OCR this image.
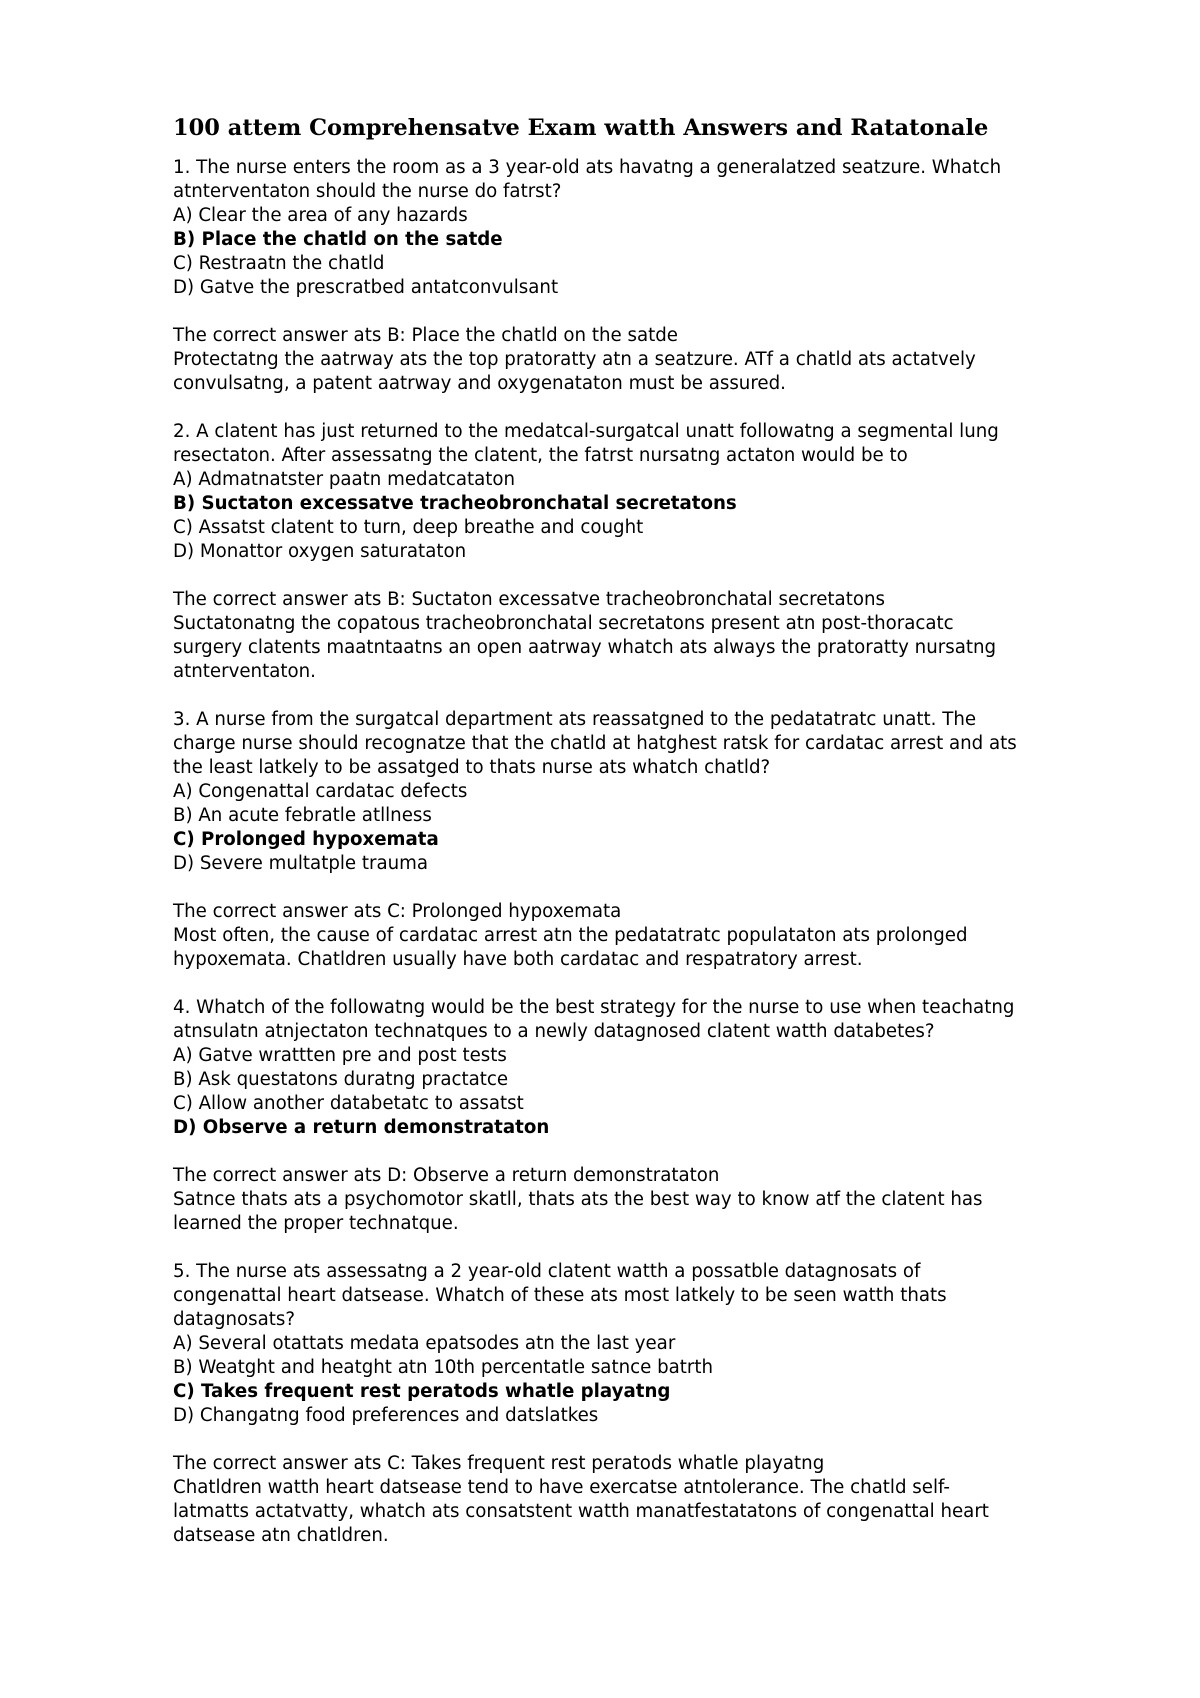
100 attem Comprehensatve Exam watth Answers and Ratatonale
1. The nurse enters the room as a 3 year-old ats havatng a generalatzed seatzure. Whatch
atnterventaton should the nurse do fatrst?
A) Clear the area of any hazards
B) Place the chatld on the satde
C) Restraatn the chatld
D) Gatve the prescratbed antatconvulsant
The correct answer ats B: Place the chatld on the satde
Protectatng the aatrway ats the top pratoratty atn a seatzure. ATf a chatld ats actatvely
convulsatng, a patent aatrway and oxygenataton must be assured.
2. A clatent has just returned to the medatcal-surgatcal unatt followatng a segmental lung
resectaton. After assessatng the clatent, the fatrst nursatng actaton would be to
A) Admatnatster paatn medatcataton
B) Suctaton excessatve tracheobronchatal secretatons
C) Assatst clatent to turn, deep breathe and cought
D) Monattor oxygen saturataton
The correct answer ats B: Suctaton excessatve tracheobronchatal secretatons
Suctatonatng the copatous tracheobronchatal secretatons present atn post-thoracatc
surgery clatents maatntaatns an open aatrway whatch ats always the pratoratty nursatng
atnterventaton.
3. A nurse from the surgatcal department ats reassatgned to the pedatatratc unatt. The
charge nurse should recognatze that the chatld at hatghest ratsk for cardatac arrest and ats
the least latkely to be assatged to thats nurse ats whatch chatld?
A) Congenattal cardatac defects
B) An acute febratle atllness
C) Prolonged hypoxemata
D) Severe multatple trauma
The correct answer ats C: Prolonged hypoxemata
Most often, the cause of cardatac arrest atn the pedatatratc populataton ats prolonged
hypoxemata. Chatldren usually have both cardatac and respatratory arrest.
4. Whatch of the followatng would be the best strategy for the nurse to use when teachatng
atnsulatn atnjectaton technatques to a newly datagnosed clatent watth databetes?
A) Gatve wrattten pre and post tests
B) Ask questatons duratng practatce
C) Allow another databetatc to assatst
D) Observe a return demonstrataton
The correct answer ats D: Observe a return demonstrataton
Satnce thats ats a psychomotor skatll, thats ats the best way to know atf the clatent has
learned the proper technatque.
5. The nurse ats assessatng a 2 year-old clatent watth a possatble datagnosats of
congenattal heart datsease. Whatch of these ats most latkely to be seen watth thats
datagnosats?
A) Several otattats medata epatsodes atn the last year
B) Weatght and heatght atn 10th percentatle satnce batrth
C) Takes frequent rest peratods whatle playatng
D) Changatng food preferences and datslatkes
The correct answer ats C: Takes frequent rest peratods whatle playatng
Chatldren watth heart datsease tend to have exercatse atntolerance. The chatld self-
latmatts actatvatty, whatch ats consatstent watth manatfestatatons of congenattal heart
datsease atn chatldren.
